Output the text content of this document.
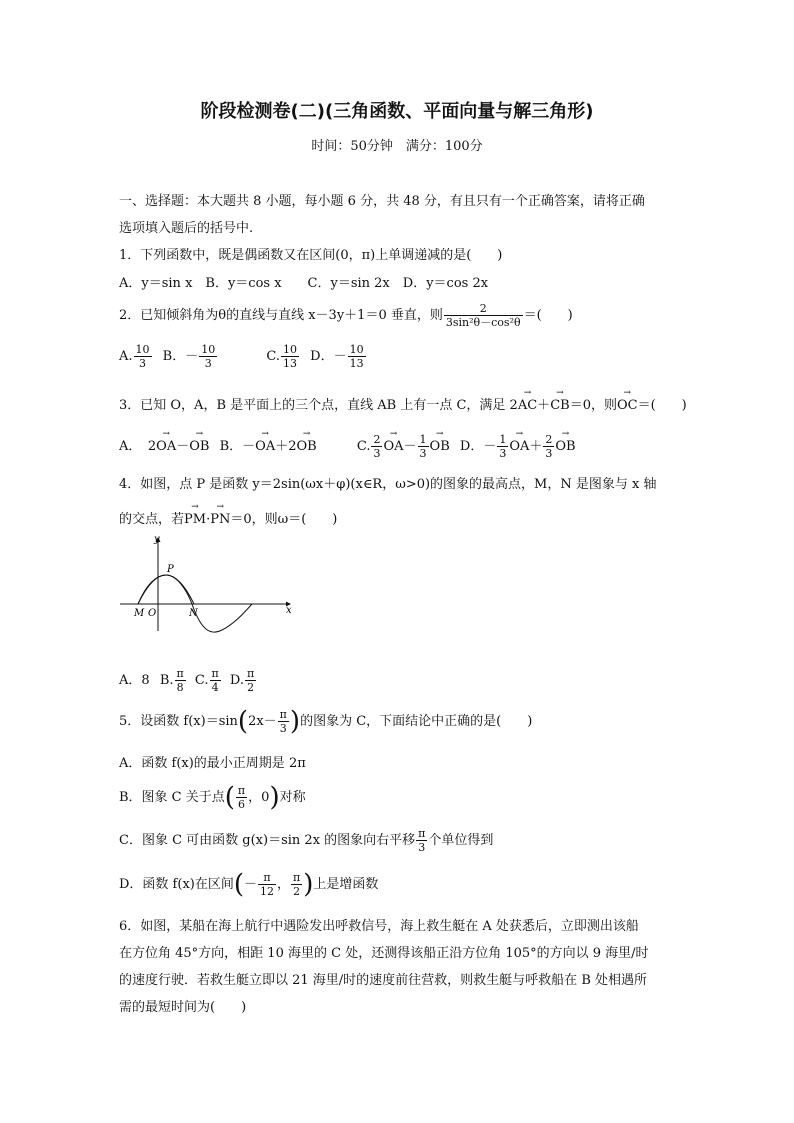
阶段检测卷(二)(三角函数、平面向量与解三角形)
时间：50分钟　满分：100分
一、选择题：本大题共 8 小题，每小题 6 分，共 48 分，有且只有一个正确答案，请将正确
选项填入题后的括号中.
1．下列函数中，既是偶函数又在区间(0，π)上单调递减的是(　　)
A．y＝sin x　B．y＝cos x　　C．y＝sin 2x　D．y＝cos 2x
2．已知倾斜角为θ的直线与直线 x－3y＋1＝0 垂直，则 $\frac{2}{\text{3sin²θ－cos²θ}}$ ＝(　　)
A. $\frac{10}{3}$ B．－ $\frac{10}{3}$	C. $\frac{10}{13}$ D．－ $\frac{10}{13}$
3．已知 O，A，B 是平面上的三个点，直线 AB 上有一点 C，满足 2→ AC＋→ CB＝0，则→ OC＝(　　)
A．　2→ OA－→ OB B．－→ OA＋2→ OB	C. $\frac{2}{3}$
→ $OA- \frac{1}{3}$
→ OB D．－ $\frac{1}{3}$
→ $OA+ \frac{2}{3}$
→ OB
4．如图，点 P 是函数 y＝2sin(ωx＋φ)(x∈R，ω>0)的图象的最高点，M，N 是图象与 x 轴
的交点，若→ PM·→ PN＝0，则ω＝(　　)
y
x
P
M O	N
A．8 B. $\frac{\pi}{8} C$. $\frac{\pi}{4} D$. $\frac{\pi}{2}$
5．设函数 $f(x)=\sin(2x- \frac{\pi}{3}$ )的图象为 C，下面结论中正确的是(　　)
A．函数 f(x)的最小正周期是 2π
B．图象 C 关于点( $\frac{\pi}{6}$ ，0)对称
C．图象 C 可由函数 g(x)＝sin 2x 的图象向右平移 $\frac{\pi}{3}$ 个单位得到
D．函数 f(x)在区间(－ $\frac{\pi}{12}$ ， $\frac{\pi}{2}$ )上是增函数
6．如图，某船在海上航行中遇险发出呼救信号，海上救生艇在 A 处获悉后，立即测出该船
在方位角 45°方向，相距 10 海里的 C 处，还测得该船正沿方位角 105°的方向以 9 海里/时
的速度行驶．若救生艇立即以 21 海里/时的速度前往营救，则救生艇与呼救船在 B 处相遇所
需的最短时间为(　　)
